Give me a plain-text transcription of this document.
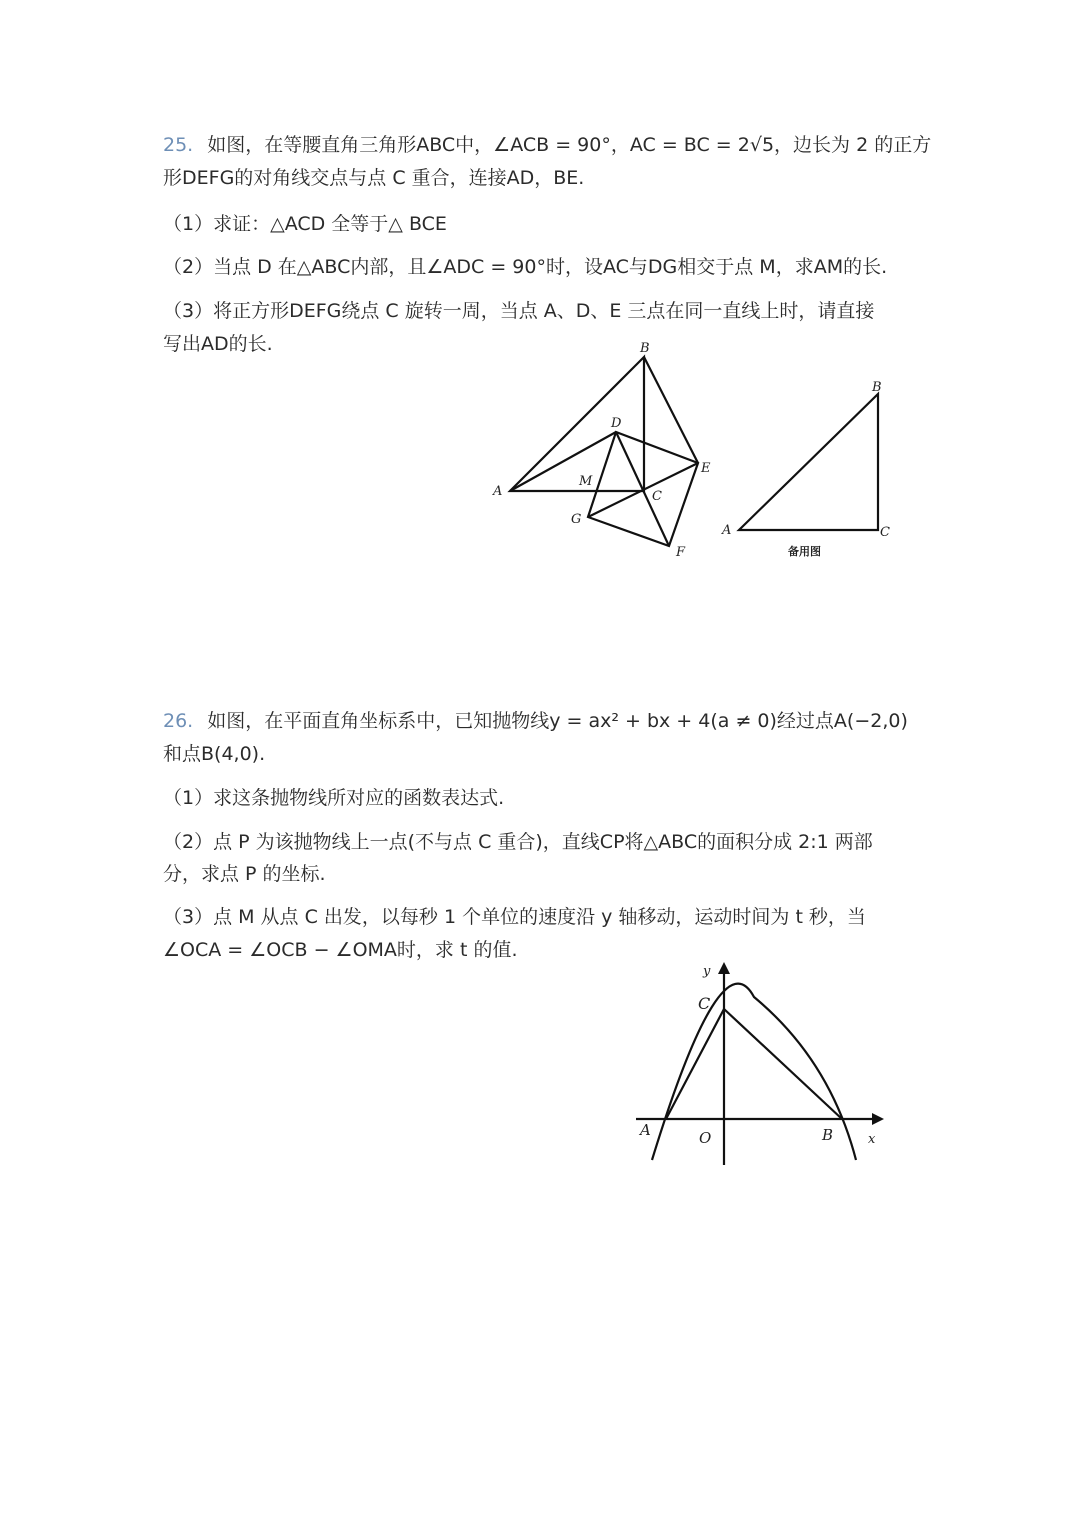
25. 如图，在等腰直角三角形ABC中，∠ACB = 90°，AC = BC = 2√5，边长为 2 的正方
形DEFG的对角线交点与点 C 重合，连接AD，BE.
（1）求证：△ACD 全等于△ BCE
（2）当点 D 在△ABC内部，且∠ADC = 90°时，设AC与DG相交于点 M，求AM的长.
（3）将正方形DEFG绕点 C 旋转一周，当点 A、D、E 三点在同一直线上时，请直接
写出AD的长.	B
D
E
A
M
C
G
F
B
A	C
备用图
26. 如图，在平面直角坐标系中，已知抛物线y = ax² + bx + 4(a ≠ 0)经过点A(−2,0)
和点B(4,0).
（1）求这条抛物线所对应的函数表达式.
（2）点 P 为该抛物线上一点(不与点 C 重合)，直线CP将△ABC的面积分成 2:1 两部
分，求点 P 的坐标.
（3）点 M 从点 C 出发，以每秒 1 个单位的速度沿 y 轴移动，运动时间为 t 秒，当
∠OCA = ∠OCB − ∠OMA时，求 t 的值.
y
x
C
A	O	B
